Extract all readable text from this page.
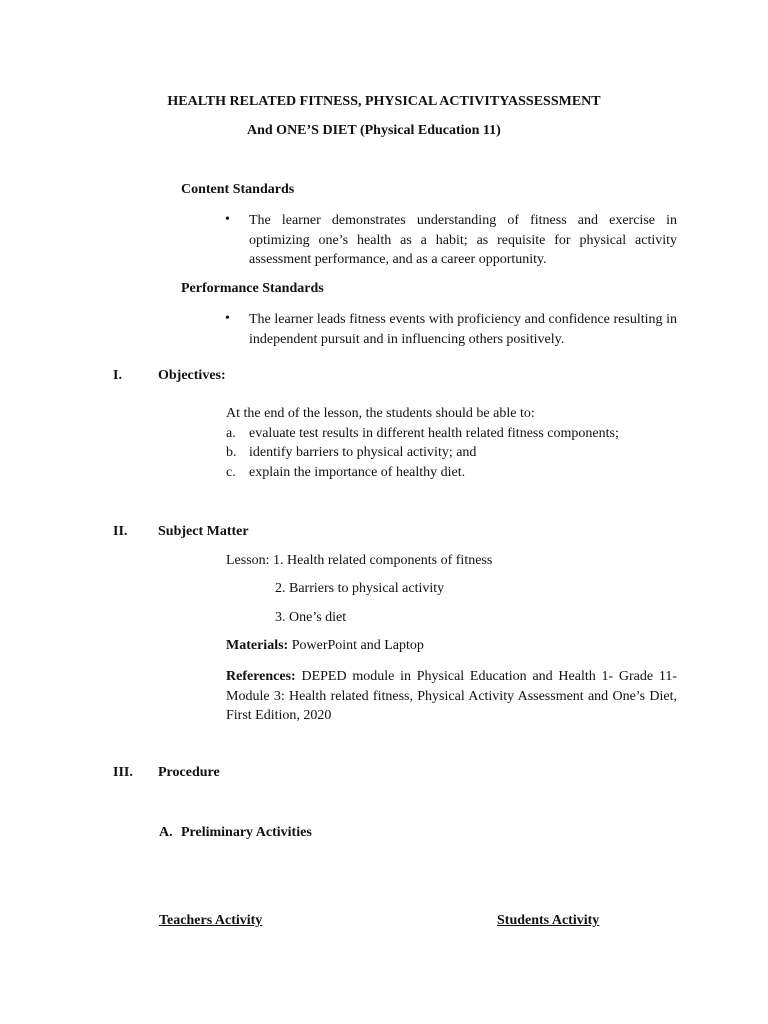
HEALTH RELATED FITNESS, PHYSICAL ACTIVITYASSESSMENT
And ONE’S DIET (Physical Education 11)
Content Standards
• The learner demonstrates understanding of fitness and exercise in optimizing one’s health as a habit; as requisite for physical activity assessment performance, and as a career opportunity.
Performance Standards
• The learner leads fitness events with proficiency and confidence resulting in independent pursuit and in influencing others positively.
I.	Objectives:
At the end of the lesson, the students should be able to:
a. evaluate test results in different health related fitness components;
b. identify barriers to physical activity; and
c. explain the importance of healthy diet.
II. Subject Matter
Lesson: 1. Health related components of fitness
2. Barriers to physical activity
3. One’s diet
Materials: PowerPoint and Laptop
References: DEPED module in Physical Education and Health 1- Grade 11- Module 3: Health related fitness, Physical Activity Assessment and One’s Diet, First Edition, 2020
III. Procedure
A. Preliminary Activities
Teachers Activity	Students Activity
